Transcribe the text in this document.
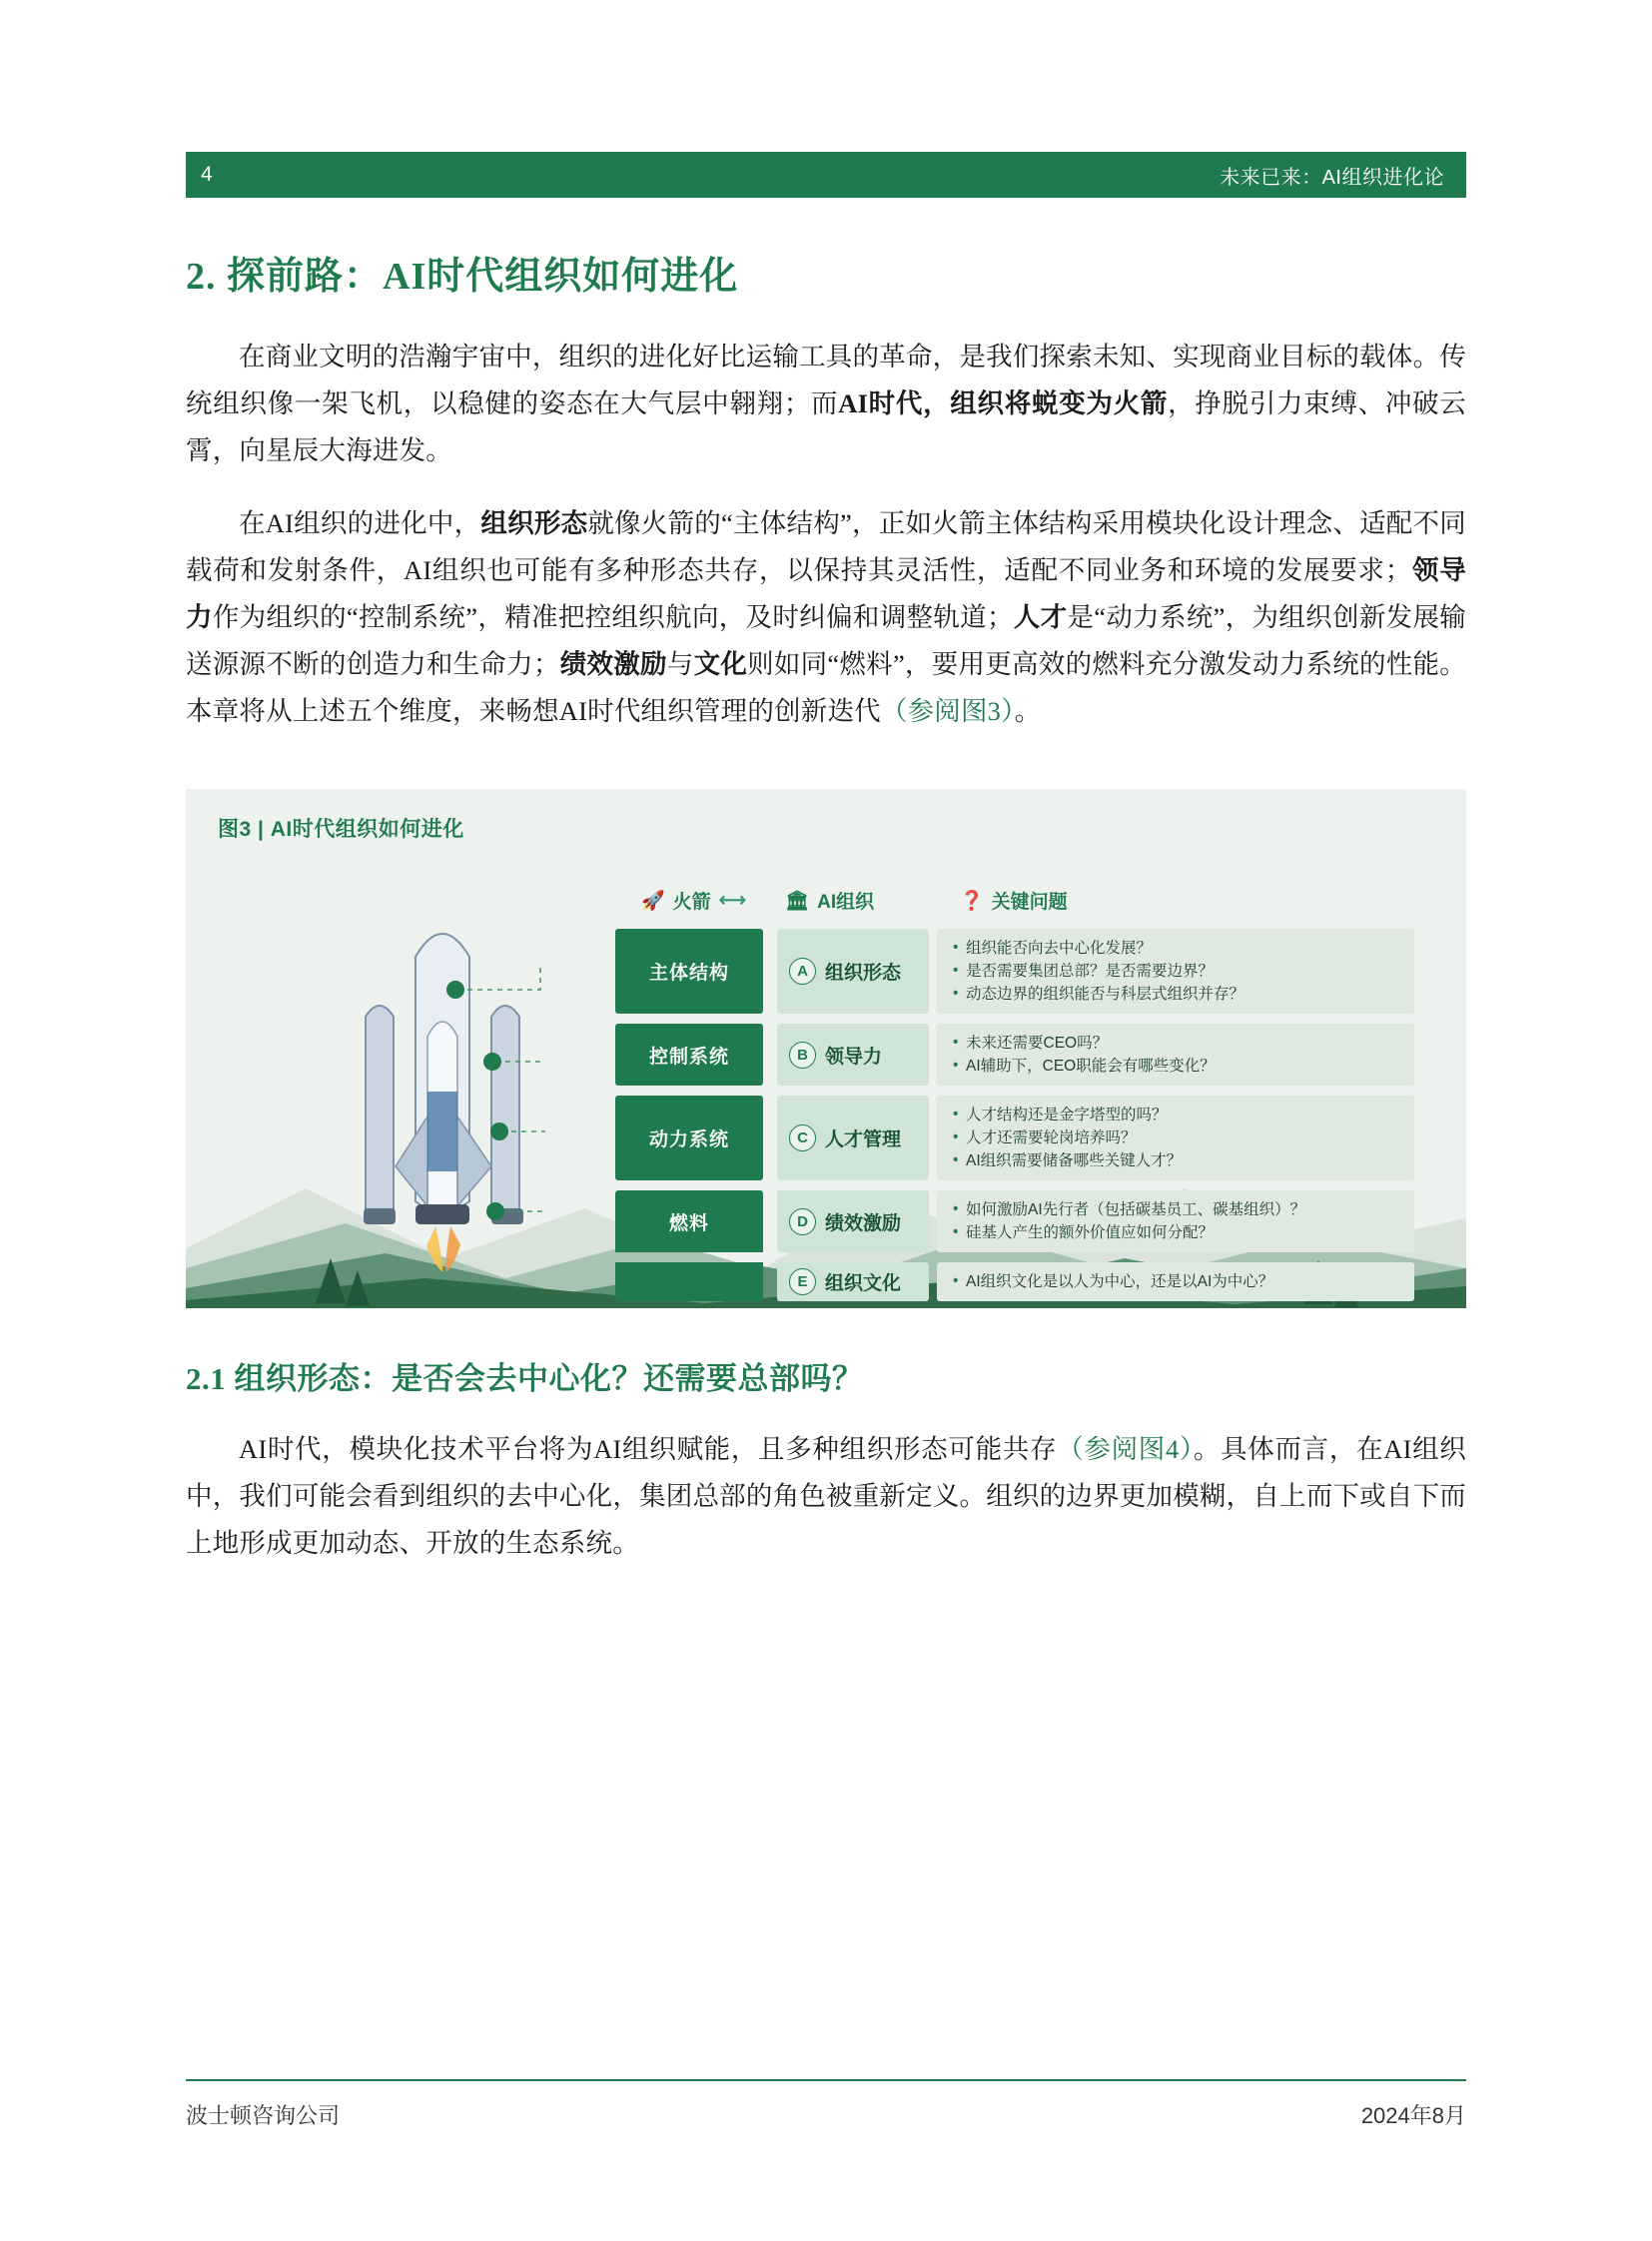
4	未来已来：AI组织进化论
2. 探前路：AI时代组织如何进化

在商业文明的浩瀚宇宙中，组织的进化好比运输工具的革命，是我们探索未知、实现商业目标的载体。传统组织像一架飞机，以稳健的姿态在大气层中翱翔；而AI时代，组织将蜕变为火箭，挣脱引力束缚、冲破云霄，向星辰大海进发。

在AI组织的进化中，组织形态就像火箭的“主体结构”，正如火箭主体结构采用模块化设计理念、适配不同载荷和发射条件，AI组织也可能有多种形态共存，以保持其灵活性，适配不同业务和环境的发展要求；领导力作为组织的“控制系统”，精准把控组织航向，及时纠偏和调整轨道；人才是“动力系统”，为组织创新发展输送源源不断的创造力和生命力；绩效激励与文化则如同“燃料”，要用更高效的燃料充分激发动力系统的性能。本章将从上述五个维度，来畅想AI时代组织管理的创新迭代（参阅图3）。

图3 | AI时代组织如何进化
🚀 火箭 ⟷ 🏛 AI组织	❓ 关键问题
主体结构	A 组织形态
• 组织能否向去中心化发展？
• 是否需要集团总部？是否需要边界？
• 动态边界的组织能否与科层式组织并存？
控制系统	B 领导力
• 未来还需要CEO吗？
• AI辅助下，CEO职能会有哪些变化？
动力系统	C 人才管理
• 人才结构还是金字塔型的吗？
• 人才还需要轮岗培养吗？
• AI组织需要储备哪些关键人才？
燃料	D 绩效激励
• 如何激励AI先行者（包括碳基员工、碳基组织）？
• 硅基人产生的额外价值应如何分配？
E 组织文化	• AI组织文化是以人为中心，还是以AI为中心？
2.1 组织形态：是否会去中心化？还需要总部吗？

AI时代，模块化技术平台将为AI组织赋能，且多种组织形态可能共存（参阅图4）。具体而言，在AI组织中，我们可能会看到组织的去中心化，集团总部的角色被重新定义。组织的边界更加模糊，自上而下或自下而上地形成更加动态、开放的生态系统。

波士顿咨询公司	2024年8月
